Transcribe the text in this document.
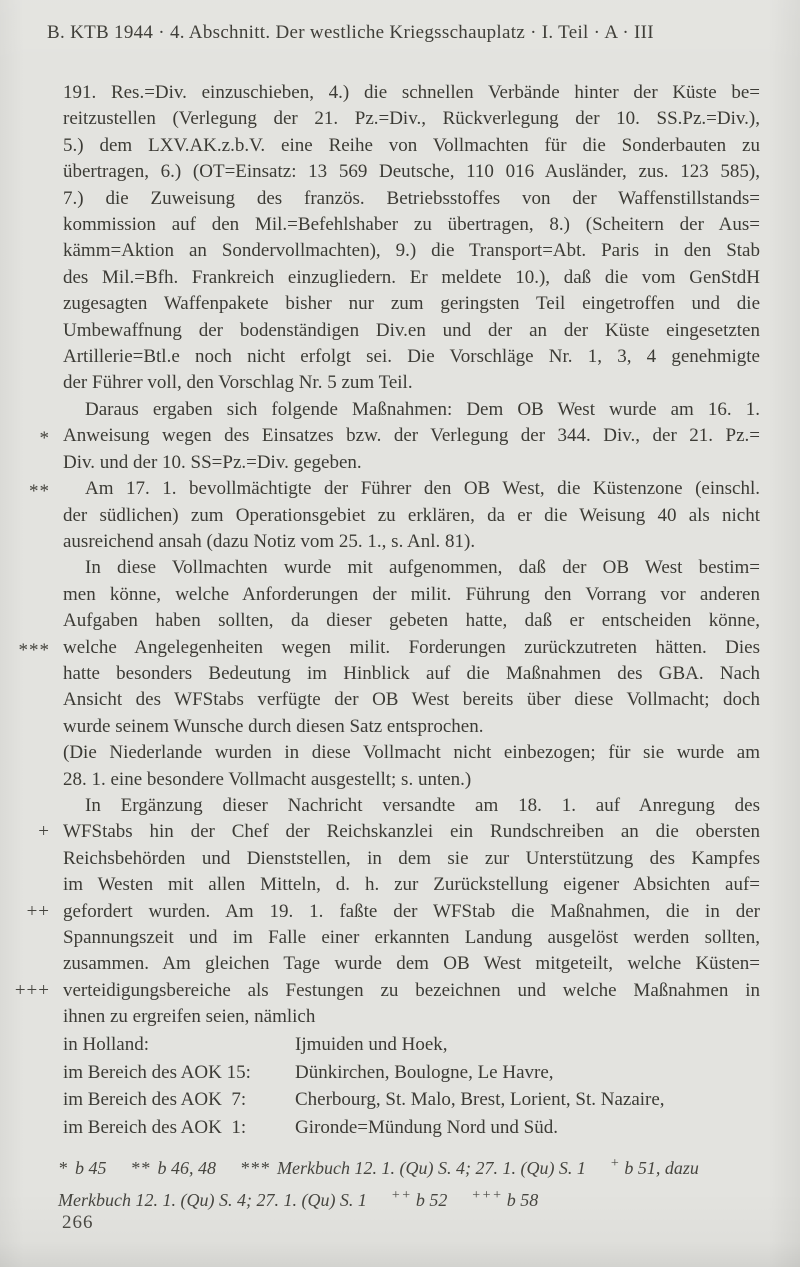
B. KTB 1944 · 4. Abschnitt. Der westliche Kriegsschauplatz · I. Teil · A · III
191. Res.=Div. einzuschieben, 4.) die schnellen Verbände hinter der Küste be=
reitzustellen (Verlegung der 21. Pz.=Div., Rückverlegung der 10. SS.Pz.=Div.),
5.) dem LXV.AK.z.b.V. eine Reihe von Vollmachten für die Sonderbauten zu
übertragen, 6.) (OT=Einsatz: 13 569 Deutsche, 110 016 Ausländer, zus. 123 585),
7.) die Zuweisung des französ. Betriebsstoffes von der Waffenstillstands=
kommission auf den Mil.=Befehlshaber zu übertragen, 8.) (Scheitern der Aus=
kämm=Aktion an Sondervollmachten), 9.) die Transport=Abt. Paris in den Stab
des Mil.=Bfh. Frankreich einzugliedern. Er meldete 10.), daß die vom GenStdH
zugesagten Waffenpakete bisher nur zum geringsten Teil eingetroffen und die
Umbewaffnung der bodenständigen Div.en und der an der Küste eingesetzten
Artillerie=Btl.e noch nicht erfolgt sei. Die Vorschläge Nr. 1, 3, 4 genehmigte
der Führer voll, den Vorschlag Nr. 5 zum Teil.
Daraus ergaben sich folgende Maßnahmen: Dem OB West wurde am 16. 1.
* Anweisung wegen des Einsatzes bzw. der Verlegung der 344. Div., der 21. Pz.=
Div. und der 10. SS=Pz.=Div. gegeben.
**	Am 17. 1. bevollmächtigte der Führer den OB West, die Küstenzone (einschl.
der südlichen) zum Operationsgebiet zu erklären, da er die Weisung 40 als nicht
ausreichend ansah (dazu Notiz vom 25. 1., s. Anl. 81).
In diese Vollmachten wurde mit aufgenommen, daß der OB West bestim=
men könne, welche Anforderungen der milit. Führung den Vorrang vor anderen
Aufgaben haben sollten, da dieser gebeten hatte, daß er entscheiden könne,
*** welche Angelegenheiten wegen milit. Forderungen zurückzutreten hätten. Dies
hatte besonders Bedeutung im Hinblick auf die Maßnahmen des GBA. Nach
Ansicht des WFStabs verfügte der OB West bereits über diese Vollmacht; doch
wurde seinem Wunsche durch diesen Satz entsprochen.
(Die Niederlande wurden in diese Vollmacht nicht einbezogen; für sie wurde am
28. 1. eine besondere Vollmacht ausgestellt; s. unten.)
In Ergänzung dieser Nachricht versandte am 18. 1. auf Anregung des
+ WFStabs hin der Chef der Reichskanzlei ein Rundschreiben an die obersten
Reichsbehörden und Dienststellen, in dem sie zur Unterstützung des Kampfes
im Westen mit allen Mitteln, d. h. zur Zurückstellung eigener Absichten auf=
++ gefordert wurden. Am 19. 1. faßte der WFStab die Maßnahmen, die in der
Spannungszeit und im Falle einer erkannten Landung ausgelöst werden sollten,
zusammen. Am gleichen Tage wurde dem OB West mitgeteilt, welche Küsten=
+++ verteidigungsbereiche als Festungen zu bezeichnen und welche Maßnahmen in
ihnen zu ergreifen seien, nämlich
in Holland:	Ijmuiden und Hoek,
im Bereich des AOK 15:	Dünkirchen, Boulogne, Le Havre,
im Bereich des AOK  7:	Cherbourg, St. Malo, Brest, Lorient, St. Nazaire,
im Bereich des AOK  1:	Gironde=Mündung Nord und Süd.
* b 45 ** b 46, 48 *** Merkbuch 12. 1. (Qu) S. 4; 27. 1. (Qu) S. 1 + b 51, dazu
Merkbuch 12. 1. (Qu) S. 4; 27. 1. (Qu) S. 1 ++ b 52 +++ b 58
266
